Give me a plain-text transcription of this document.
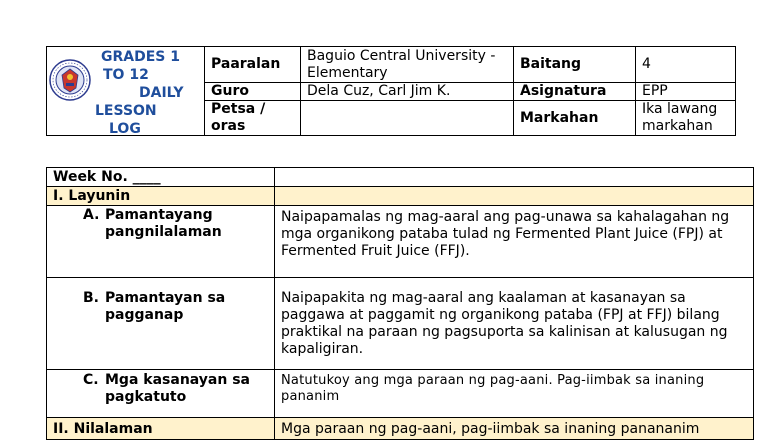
GRADES 1
TO 12
DAILY
LESSON
LOG	Paaralan	Baguio Central University - Elementary	Baitang	4
	Guro	Dela Cuz, Carl Jim K.	Asignatura	EPP
	Petsa / oras		Markahan	Ika lawang markahan
Week No. ____	
I. Layunin	

A. Pamantayang pangnilalaman	Naipapamalas ng mag-aaral ang pag-unawa sa kahalagahan ng mga organikong pataba tulad ng Fermented Plant Juice (FPJ) at Fermented Fruit Juice (FFJ).

B. Pamantayan sa pagganap	Naipapakita ng mag-aaral ang kaalaman at kasanayan sa paggawa at paggamit ng organikong pataba (FPJ at FFJ) bilang praktikal na paraan ng pagsuporta sa kalinisan at kalusugan ng kapaligiran.

C. Mga kasanayan sa pagkatuto	Natutukoy ang mga paraan ng pag-aani. Pag-iimbak sa inaning pananim
II. Nilalaman	Mga paraan ng pag-aani, pag-iimbak sa inaning panananim
